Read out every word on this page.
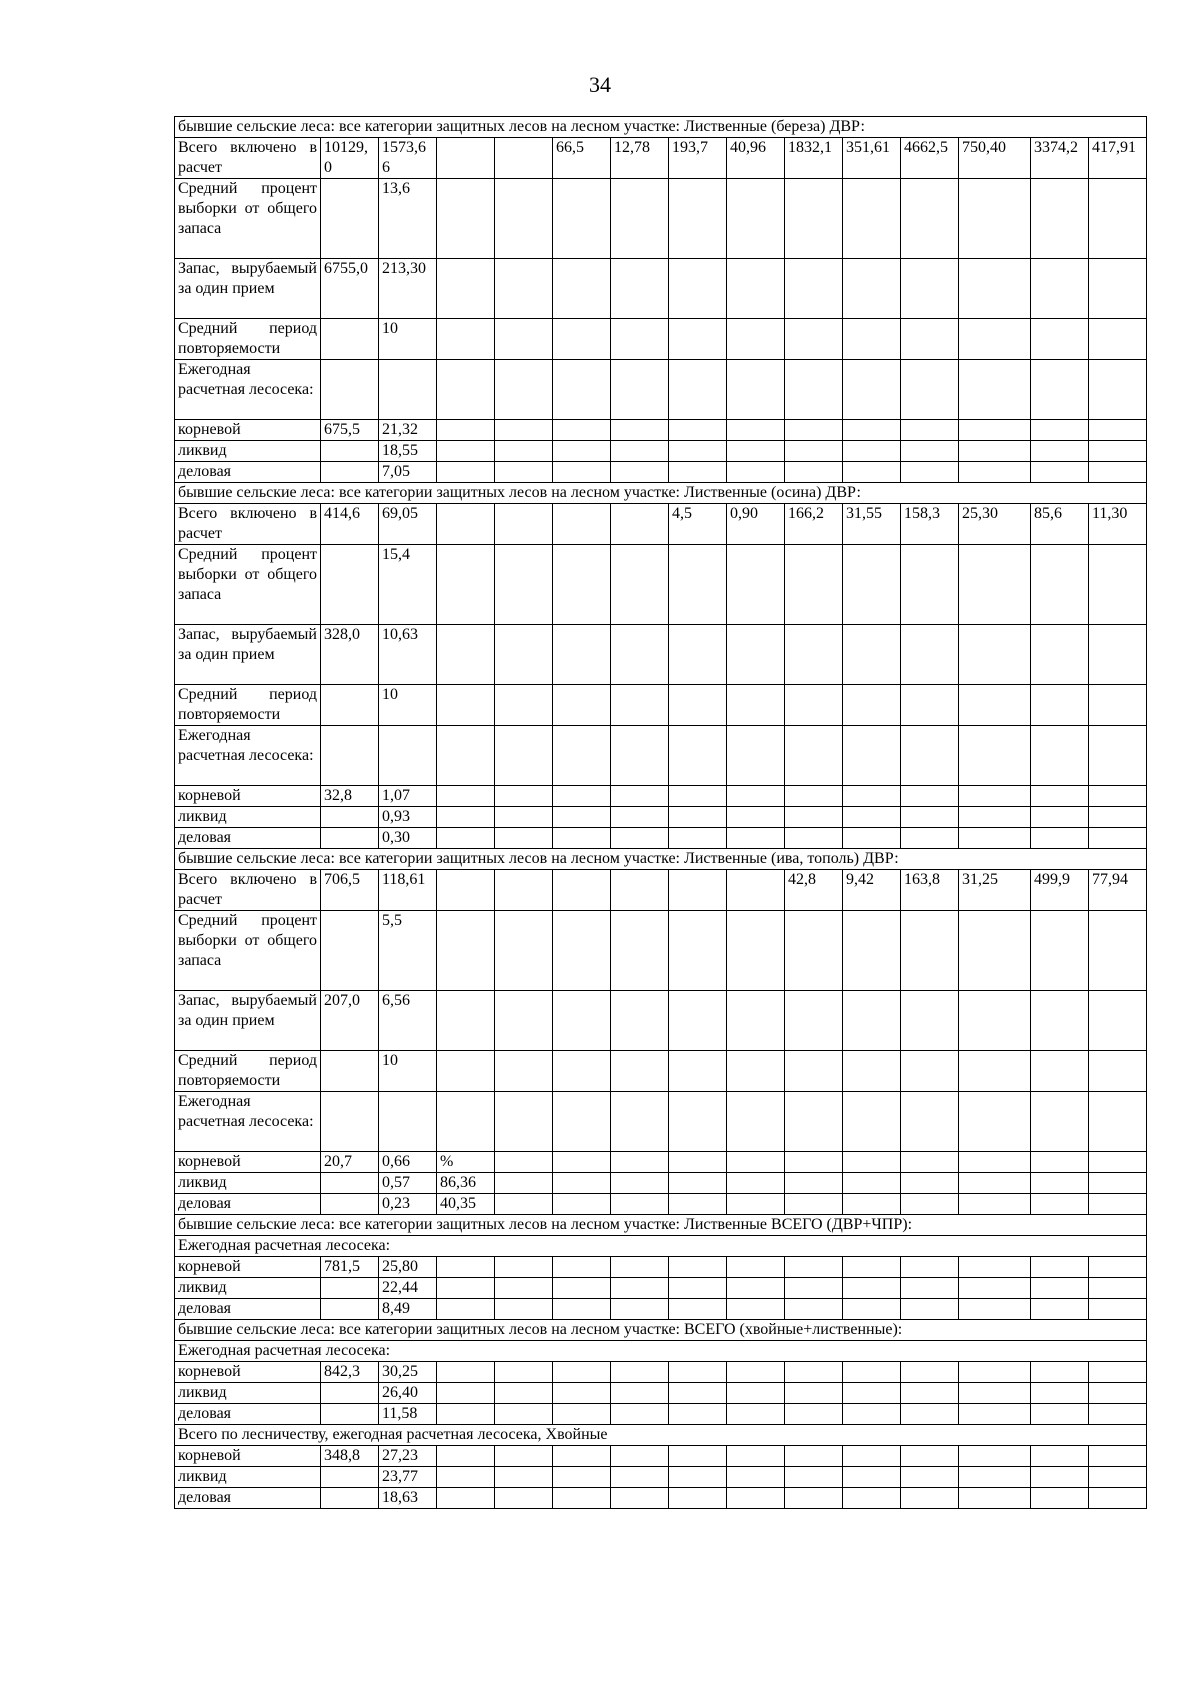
34
бывшие сельские леса: все категории защитных лесов на лесном участке: Лиственные (береза) ДВР:														
Всего включено в расчет	10129,0	1573,66			66,5	12,78	193,7	40,96	1832,1	351,61	4662,5	750,40	3374,2	417,91
Средний процент выборки от общего запаса		13,6												
Запас, вырубаемый за один прием	6755,0	213,30												
Средний период повторяемости		10												
Ежегодная расчетная лесосека:														
корневой	675,5	21,32												
ликвид		18,55												
деловая		7,05												
бывшие сельские леса: все категории защитных лесов на лесном участке: Лиственные (осина) ДВР:														
Всего включено в расчет	414,6	69,05					4,5	0,90	166,2	31,55	158,3	25,30	85,6	11,30
Средний процент выборки от общего запаса		15,4												
Запас, вырубаемый за один прием	328,0	10,63												
Средний период повторяемости		10												
Ежегодная расчетная лесосека:														
корневой	32,8	1,07												
ликвид		0,93												
деловая		0,30												
бывшие сельские леса: все категории защитных лесов на лесном участке: Лиственные (ива, тополь) ДВР:														
Всего включено в расчет	706,5	118,61							42,8	9,42	163,8	31,25	499,9	77,94
Средний процент выборки от общего запаса		5,5												
Запас, вырубаемый за один прием	207,0	6,56												
Средний период повторяемости		10												
Ежегодная расчетная лесосека:														
корневой	20,7	0,66	%											
ликвид		0,57	86,36											
деловая		0,23	40,35											
бывшие сельские леса: все категории защитных лесов на лесном участке: Лиственные ВСЕГО (ДВР+ЧПР):														
Ежегодная расчетная лесосека:														
корневой	781,5	25,80												
ликвид		22,44												
деловая		8,49												
бывшие сельские леса: все категории защитных лесов на лесном участке: ВСЕГО (хвойные+лиственные):														
Ежегодная расчетная лесосека:														
корневой	842,3	30,25												
ликвид		26,40												
деловая		11,58												
Всего по лесничеству, ежегодная расчетная лесосека, Хвойные														
корневой	348,8	27,23												
ликвид		23,77												
деловая		18,63												
